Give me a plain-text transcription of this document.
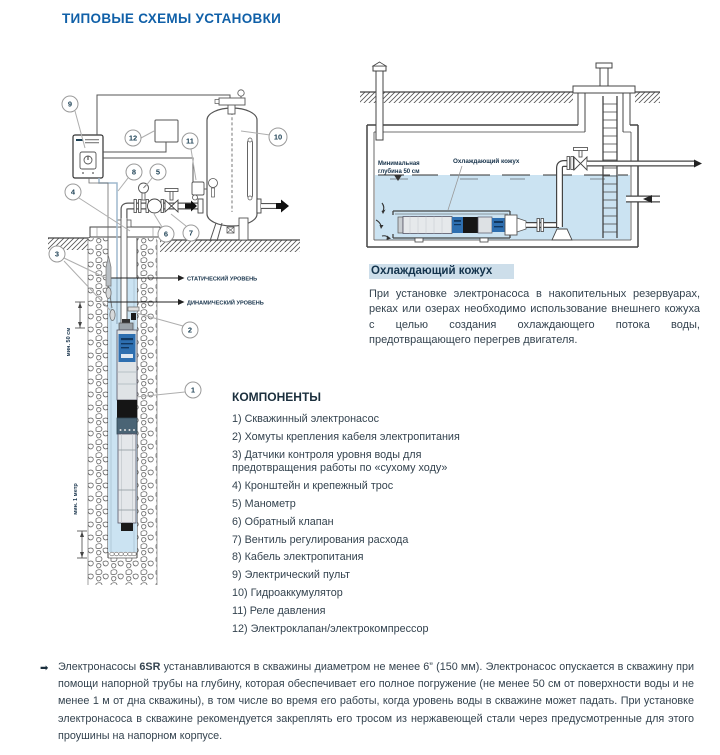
ТИПОВЫЕ СХЕМЫ УСТАНОВКИ
СТАТИЧЕСКИЙ УРОВЕНЬ
ДИНАМИЧЕСКИЙ УРОВЕНЬ
мин. 50 см
мин. 1 метр
1
2
3
4
5
6	7
8
9
10
11
12
Минимальная
глубина 50 см
Охлаждающий кожух
Охлаждающий кожух
При установке электронасоса в накопительных резервуарах, реках или озерах необходимо использование внешнего кожуха с целью создания охлаждающего потока воды, предотвращающего перегрев двигателя.
КОМПОНЕНТЫ
1) Скважинный электронасос
2) Хомуты крепления кабеля электропитания
3) Датчики контроля уровня воды для предотвращения работы по «сухому ходу»
4) Кронштейн и крепежный трос
5) Манометр
6) Обратный клапан
7) Вентиль регулирования расхода
8) Кабель электропитания
9) Электрический пульт
10) Гидроаккумулятор
11) Реле давления
12) Электроклапан/электрокомпрессор
➡ Электронасосы 6SR устанавливаются в скважины диаметром не менее 6” (150 мм). Электронасос опускается в скважину при помощи напорной трубы на глубину, которая обеспечивает его полное погружение (не менее 50 см от поверхности воды и не менее 1 м от дна скважины), в том числе во время его работы, когда уровень воды в скважине может падать. При установке электронасоса в скважине рекомендуется закреплять его тросом из нержавеющей стали через предусмотренные для этого проушины на напорном корпусе.
